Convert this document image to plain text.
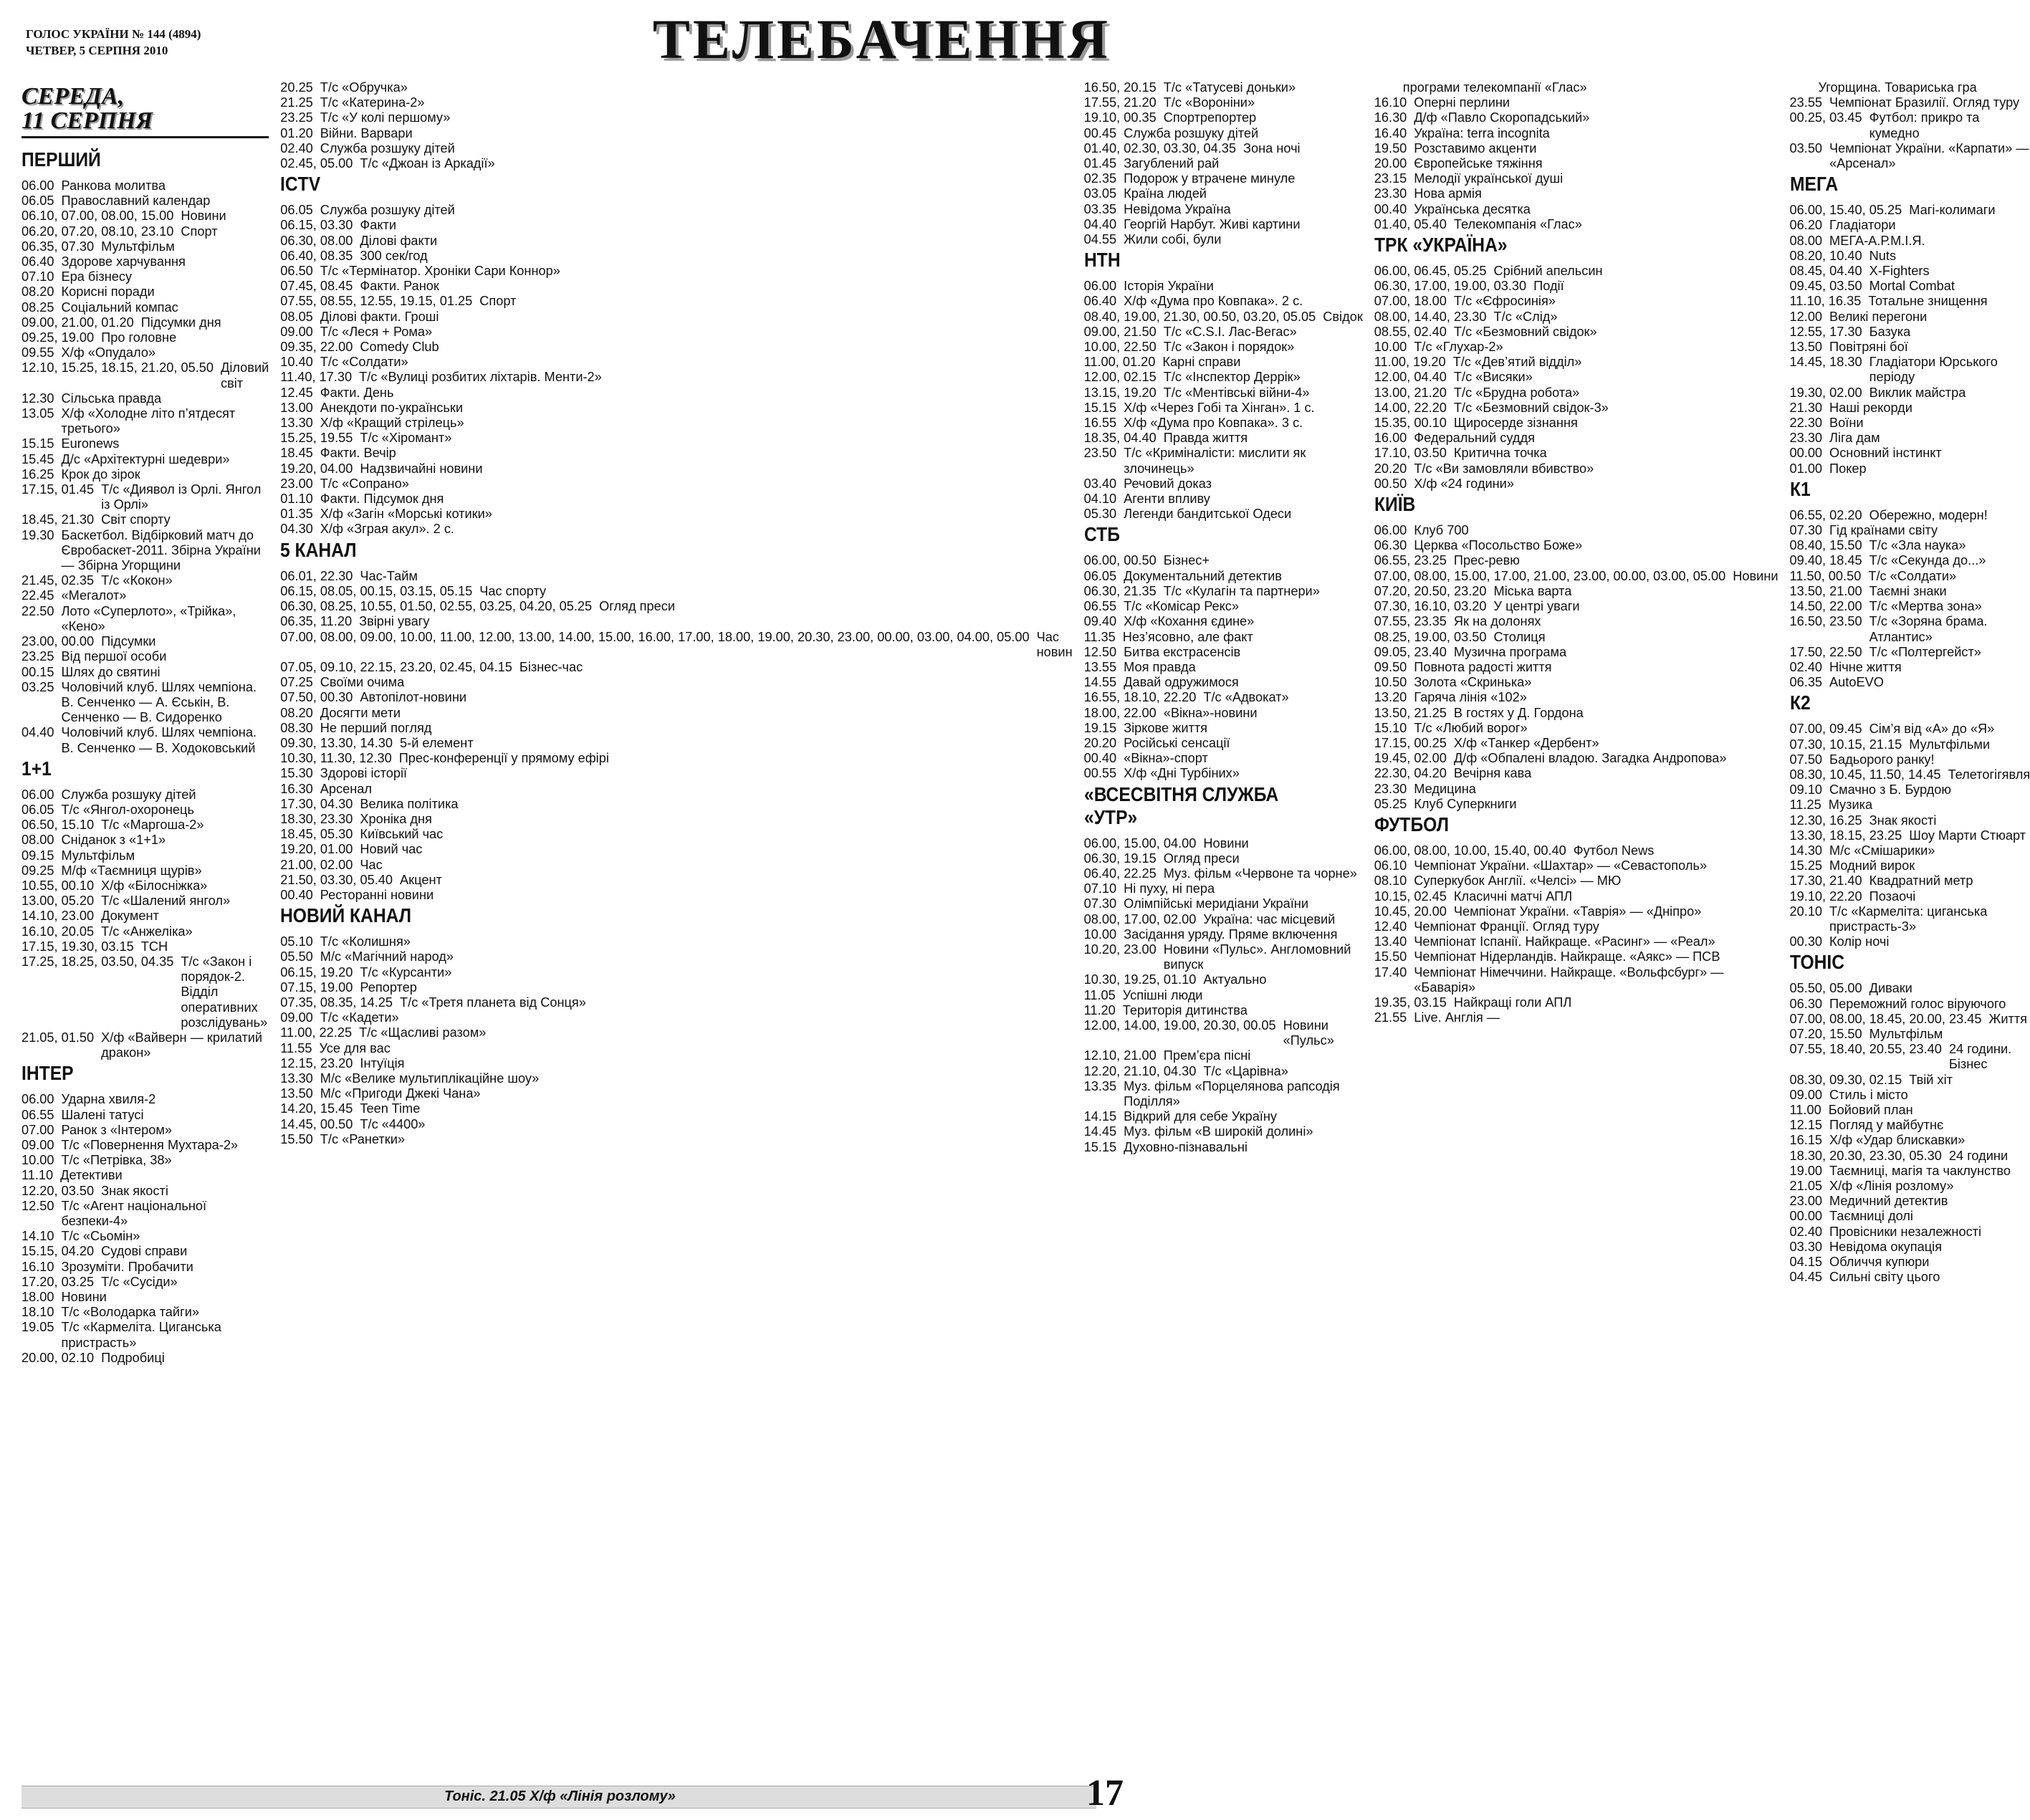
ГОЛОС УКРАЇНИ № 144 (4894)
ЧЕТВЕР, 5 СЕРПНЯ 2010	ТЕЛЕБАЧЕННЯ
СЕРЕДА,
11 СЕРПНЯ
ПЕРШИЙ
06.00 Ранкова молитва
06.05 Православний календар
06.10, 07.00, 08.00, 15.00 Новини
06.20, 07.20, 08.10, 23.10 Спорт
06.35, 07.30 Мультфільм
06.40 Здорове харчування
07.10 Ера бізнесу
08.20 Корисні поради
08.25 Соціальний компас
09.00, 21.00, 01.20 Підсумки дня
09.25, 19.00 Про головне
09.55 Х/ф «Опудало»
12.10, 15.25, 18.15, 21.20, 05.50 Діловий світ
12.30 Сільська правда
13.05 Х/ф «Холодне літо п’ятдесят третього»
15.15 Euronews
15.45 Д/с «Архітектурні шедеври»
16.25 Крок до зірок
17.15, 01.45 Т/с «Диявол із Орлі. Янгол із Орлі»
18.45, 21.30 Світ спорту
19.30 Баскетбол. Відбірковий матч до Євробаскет-2011. Збірна України — Збірна Угорщини
21.45, 02.35 Т/с «Кокон»
22.45 «Мегалот»
22.50 Лото «Суперлото», «Трійка», «Кено»
23.00, 00.00 Підсумки
23.25 Від першої особи
00.15 Шлях до святині
03.25 Чоловічий клуб. Шлях чемпіона. В. Сенченко — А. Єськін, В. Сенченко — В. Сидоренко
04.40 Чоловічий клуб. Шлях чемпіона. В. Сенченко — В. Ходоковський
1+1
06.00 Служба розшуку дітей
06.05 Т/с «Янгол-охоронець
06.50, 15.10 Т/с «Маргоша-2»
08.00 Сніданок з «1+1»
09.15 Мультфільм
09.25 М/ф «Таємниця щурів»
10.55, 00.10 Х/ф «Білосніжка»
13.00, 05.20 Т/с «Шалений янгол»
14.10, 23.00 Документ
16.10, 20.05 Т/с «Анжеліка»
17.15, 19.30, 03.15 ТСН
17.25, 18.25, 03.50, 04.35 Т/с «Закон і порядок-2. Відділ оперативних розслідувань»
21.05, 01.50 Х/ф «Вайверн — крилатий дракон»
ІНТЕР
06.00 Ударна хвиля-2
06.55 Шалені татусі
07.00 Ранок з «Інтером»
09.00 Т/с «Повернення Мухтара-2»
10.00 Т/с «Петрівка, 38»
11.10 Детективи
12.20, 03.50 Знак якості
12.50 Т/с «Агент національної безпеки-4»
14.10 Т/с «Сьомін»
15.15, 04.20 Судові справи
16.10 Зрозуміти. Пробачити
17.20, 03.25 Т/с «Сусіди»
18.00 Новини
18.10 Т/с «Володарка тайги»
19.05 Т/с «Кармеліта. Циганська пристрасть»
20.00, 02.10 Подробиці
20.25 Т/с «Обручка»
21.25 Т/с «Катерина-2»
23.25 Т/с «У колі першому»
01.20 Війни. Варвари
02.40 Служба розшуку дітей
02.45, 05.00 Т/с «Джоан із Аркадії»
ICTV
06.05 Служба розшуку дітей
06.15, 03.30 Факти
06.30, 08.00 Ділові факти
06.40, 08.35 300 сек/год
06.50 Т/с «Термінатор. Хроніки Сари Коннор»
07.45, 08.45 Факти. Ранок
07.55, 08.55, 12.55, 19.15, 01.25 Спорт
08.05 Ділові факти. Гроші
09.00 Т/с «Леся + Рома»
09.35, 22.00 Comedy Club
10.40 Т/с «Солдати»
11.40, 17.30 Т/с «Вулиці розбитих ліхтарів. Менти-2»
12.45 Факти. День
13.00 Анекдоти по-українськи
13.30 Х/ф «Кращий стрілець»
15.25, 19.55 Т/с «Хіромант»
18.45 Факти. Вечір
19.20, 04.00 Надзвичайні новини
23.00 Т/с «Сопрано»
01.10 Факти. Підсумок дня
01.35 Х/ф «Загін «Морські котики»
04.30 Х/ф «Зграя акул». 2 с.
5 КАНАЛ
06.01, 22.30 Час-Тайм
06.15, 08.05, 00.15, 03.15, 05.15 Час спорту
06.30, 08.25, 10.55, 01.50, 02.55, 03.25, 04.20, 05.25 Огляд преси
06.35, 11.20 Звірні увагу
07.00, 08.00, 09.00, 10.00, 11.00, 12.00, 13.00, 14.00, 15.00, 16.00, 17.00, 18.00, 19.00, 20.30, 23.00, 00.00, 03.00, 04.00, 05.00 Час новин
07.05, 09.10, 22.15, 23.20, 02.45, 04.15 Бізнес-час
07.25 Своїми очима
07.50, 00.30 Автопілот-новини
08.20 Досягти мети
08.30 Не перший погляд
09.30, 13.30, 14.30 5-й елемент
10.30, 11.30, 12.30 Прес-конференції у прямому ефірі
15.30 Здорові історії
16.30 Арсенал
17.30, 04.30 Велика політика
18.30, 23.30 Хроніка дня
18.45, 05.30 Київський час
19.20, 01.00 Новий час
21.00, 02.00 Час
21.50, 03.30, 05.40 Акцент
00.40 Ресторанні новини
НОВИЙ КАНАЛ
05.10 Т/с «Колишня»
05.50 М/с «Магічний народ»
06.15, 19.20 Т/с «Курсанти»
07.15, 19.00 Репортер
07.35, 08.35, 14.25 Т/с «Третя планета від Сонця»
09.00 Т/с «Кадети»
11.00, 22.25 Т/с «Щасливі разом»
11.55 Усе для вас
12.15, 23.20 Інтуїція
13.30 М/с «Велике мультиплікаційне шоу»
13.50 М/с «Пригоди Джекі Чана»
14.20, 15.45 Teen Time
14.45, 00.50 Т/с «4400»
15.50 Т/с «Ранетки»
16.50, 20.15 Т/с «Татусеві доньки»
17.55, 21.20 Т/с «Вороніни»
19.10, 00.35 Спортрепортер
00.45 Служба розшуку дітей
01.40, 02.30, 03.30, 04.35 Зона ночі
01.45 Загублений рай
02.35 Подорож у втрачене минуле
03.05 Країна людей
03.35 Невідома Україна
04.40 Георгій Нарбут. Живі картини
04.55 Жили собі, були
НТН
06.00 Історія України
06.40 Х/ф «Дума про Ковпака». 2 с.
08.40, 19.00, 21.30, 00.50, 03.20, 05.05 Свідок
09.00, 21.50 Т/с «C.S.I. Лас-Вегас»
10.00, 22.50 Т/с «Закон і порядок»
11.00, 01.20 Карні справи
12.00, 02.15 Т/с «Інспектор Деррік»
13.15, 19.20 Т/с «Ментівські війни-4»
15.15 Х/ф «Через Гобі та Хінган». 1 с.
16.55 Х/ф «Дума про Ковпака». 3 с.
18.35, 04.40 Правда життя
23.50 Т/с «Криміналісти: мислити як злочинець»
03.40 Речовий доказ
04.10 Агенти впливу
05.30 Легенди бандитської Одеси
СТБ
06.00, 00.50 Бізнес+
06.05 Документальний детектив
06.30, 21.35 Т/с «Кулагін та партнери»
06.55 Т/с «Комісар Рекс»
09.40 Х/ф «Кохання єдине»
11.35 Нез’ясовно, але факт
12.50 Битва екстрасенсів
13.55 Моя правда
14.55 Давай одружимося
16.55, 18.10, 22.20 Т/с «Адвокат»
18.00, 22.00 «Вікна»-новини
19.15 Зіркове життя
20.20 Російські сенсації
00.40 «Вікна»-спорт
00.55 Х/ф «Дні Турбіних»
«ВСЕСВІТНЯ СЛУЖБА «УТР»
06.00, 15.00, 04.00 Новини
06.30, 19.15 Огляд преси
06.40, 22.25 Муз. фільм «Червоне та чорне»
07.10 Ні пуху, ні пера
07.30 Олімпійські меридіани України
08.00, 17.00, 02.00 Україна: час місцевий
10.00 Засідання уряду. Пряме включення
10.20, 23.00 Новини «Пульс». Англомовний випуск
10.30, 19.25, 01.10 Актуально
11.05 Успішні люди
11.20 Територія дитинства
12.00, 14.00, 19.00, 20.30, 00.05 Новини «Пульс»
12.10, 21.00 Прем’єра пісні
12.20, 21.10, 04.30 Т/с «Царівна»
13.35 Муз. фільм «Порцелянова рапсодія Поділля»
14.15 Відкрий для себе Україну
14.45 Муз. фільм «В широкій долині»
15.15 Духовно-пізнавальні
програми телекомпанії «Глас»
16.10 Оперні перлини
16.30 Д/ф «Павло Скоропадський»
16.40 Україна: terra incognita
19.50 Розставимо акценти
20.00 Європейське тяжіння
23.15 Мелодії української душі
23.30 Нова армія
00.40 Українська десятка
01.40, 05.40 Телекомпанія «Глас»
ТРК «УКРАЇНА»
06.00, 06.45, 05.25 Срібний апельсин
06.30, 17.00, 19.00, 03.30 Події
07.00, 18.00 Т/с «Єфросинія»
08.00, 14.40, 23.30 Т/с «Слід»
08.55, 02.40 Т/с «Безмовний свідок»
10.00 Т/с «Глухар-2»
11.00, 19.20 Т/с «Дев’ятий відділ»
12.00, 04.40 Т/с «Висяки»
13.00, 21.20 Т/с «Брудна робота»
14.00, 22.20 Т/с «Безмовний свідок-3»
15.35, 00.10 Щиросерде зізнання
16.00 Федеральний суддя
17.10, 03.50 Критична точка
20.20 Т/с «Ви замовляли вбивство»
00.50 Х/ф «24 години»
КИЇВ
06.00 Клуб 700
06.30 Церква «Посольство Боже»
06.55, 23.25 Прес-ревю
07.00, 08.00, 15.00, 17.00, 21.00, 23.00, 00.00, 03.00, 05.00 Новини
07.20, 20.50, 23.20 Міська варта
07.30, 16.10, 03.20 У центрі уваги
07.55, 23.35 Як на долонях
08.25, 19.00, 03.50 Столиця
09.05, 23.40 Музична програма
09.50 Повнота радості життя
10.50 Золота «Скринька»
13.20 Гаряча лінія «102»
13.50, 21.25 В гостях у Д. Гордона
15.10 Т/с «Любий ворог»
17.15, 00.25 Х/ф «Танкер «Дербент»
19.45, 02.00 Д/ф «Обпалені владою. Загадка Андропова»
22.30, 04.20 Вечірня кава
23.30 Медицина
05.25 Клуб Суперкниги
ФУТБОЛ
06.00, 08.00, 10.00, 15.40, 00.40 Футбол News
06.10 Чемпіонат України. «Шахтар» — «Севастополь»
08.10 Суперкубок Англії. «Челсі» — МЮ
10.15, 02.45 Класичні матчі АПЛ
10.45, 20.00 Чемпіонат України. «Таврія» — «Дніпро»
12.40 Чемпіонат Франції. Огляд туру
13.40 Чемпіонат Іспанії. Найкраще. «Расинг» — «Реал»
15.50 Чемпіонат Нідерландів. Найкраще. «Аякс» — ПСВ
17.40 Чемпіонат Німеччини. Найкраще. «Вольфсбург» — «Баварія»
19.35, 03.15 Найкращі голи АПЛ
21.55 Live. Англія —
Угорщина. Товариська гра
23.55 Чемпіонат Бразилії. Огляд туру
00.25, 03.45 Футбол: прикро та кумедно
03.50 Чемпіонат України. «Карпати» — «Арсенал»
МЕГА
06.00, 15.40, 05.25 Магі-колимаги
06.20 Гладіатори
08.00 МЕГА-А.Р.М.І.Я.
08.20, 10.40 Nuts
08.45, 04.40 X-Fighters
09.45, 03.50 Mortal Combat
11.10, 16.35 Тотальне знищення
12.00 Великі перегони
12.55, 17.30 Базука
13.50 Повітряні бої
14.45, 18.30 Гладіатори Юрського періоду
19.30, 02.00 Виклик майстра
21.30 Наші рекорди
22.30 Воїни
23.30 Ліга дам
00.00 Основний інстинкт
01.00 Покер
К1
06.55, 02.20 Обережно, модерн!
07.30 Гід країнами світу
08.40, 15.50 Т/с «Зла наука»
09.40, 18.45 Т/с «Секунда до...»
11.50, 00.50 Т/с «Солдати»
13.50, 21.00 Таємні знаки
14.50, 22.00 Т/с «Мертва зона»
16.50, 23.50 Т/с «Зоряна брама. Атлантис»
17.50, 22.50 Т/с «Полтергейст»
02.40 Нічне життя
06.35 AutoEVO
К2
07.00, 09.45 Сім’я від «А» до «Я»
07.30, 10.15, 21.15 Мультфільми
07.50 Бадьорого ранку!
08.30, 10.45, 11.50, 14.45 Телетогігявля
09.10 Смачно з Б. Бурдою
11.25 Музика
12.30, 16.25 Знак якості
13.30, 18.15, 23.25 Шоу Марти Стюарт
14.30 М/с «Смішарики»
15.25 Модний вирок
17.30, 21.40 Квадратний метр
19.10, 22.20 Позаочі
20.10 Т/с «Кармеліта: циганська пристрасть-3»
00.30 Колір ночі
ТОНІС
05.50, 05.00 Диваки
06.30 Переможний голос віруючого
07.00, 08.00, 18.45, 20.00, 23.45 Життя
07.20, 15.50 Мультфільм
07.55, 18.40, 20.55, 23.40 24 години. Бізнес
08.30, 09.30, 02.15 Твій хіт
09.00 Стиль і місто
11.00 Бойовий план
12.15 Погляд у майбутнє
16.15 Х/ф «Удар блискавки»
18.30, 20.30, 23.30, 05.30 24 години
19.00 Таємниці, магія та чаклунство
21.05 Х/ф «Лінія розлому»
23.00 Медичний детектив
00.00 Таємниці долі
02.40 Провісники незалежності
03.30 Невідома окупація
04.15 Обличчя купюри
04.45 Сильні світу цього
Тоніс. 21.05 Х/ф «Лінія розлому»	17
